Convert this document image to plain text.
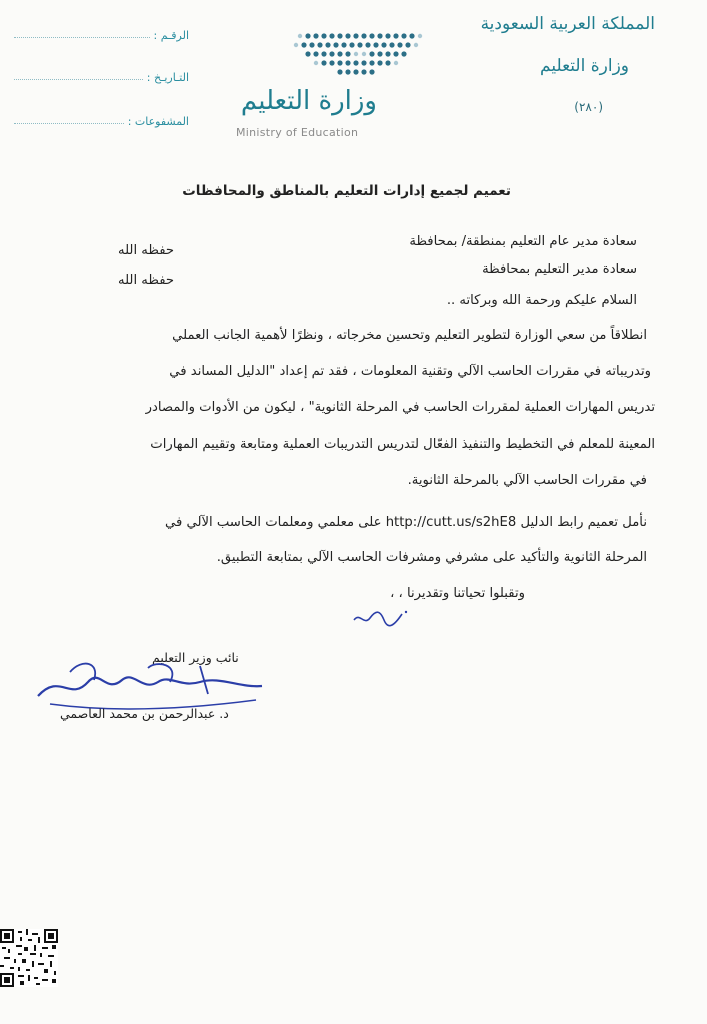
المملكة العربية السعودية
وزارة التعليم
(٢٨٠)
الرقـم :
التـاريـخ :
المشفوعات :
وزارة التعليم
Ministry of Education
تعميم لجميع إدارات التعليم بالمناطق والمحافظات
سعادة مدير عام التعليم بمنطقة/ بمحافظة
سعادة مدير التعليم بمحافظة
حفظه الله
حفظه الله
السلام عليكم ورحمة الله وبركاته ..
انطلاقاً من سعي الوزارة لتطوير التعليم وتحسين مخرجاته ، ونظرًا لأهمية الجانب العملي
وتدريباته في مقررات الحاسب الآلي وتقنية المعلومات ، فقد تم إعداد "الدليل المساند في
تدريس المهارات العملية لمقررات الحاسب في المرحلة الثانوية" ، ليكون من الأدوات والمصادر
المعينة للمعلم في التخطيط والتنفيذ الفعّال لتدريس التدريبات العملية ومتابعة وتقييم المهارات
في مقررات الحاسب الآلي بالمرحلة الثانوية.
نأمل تعميم رابط الدليل http://cutt.us/s2hE8 على معلمي ومعلمات الحاسب الآلي في
المرحلة الثانوية والتأكيد على مشرفي ومشرفات الحاسب الآلي بمتابعة التطبيق.
وتقبلوا تحياتنا وتقديرنا ، ،
نائب وزير التعليم
د. عبدالرحمن بن محمد العاصمي
